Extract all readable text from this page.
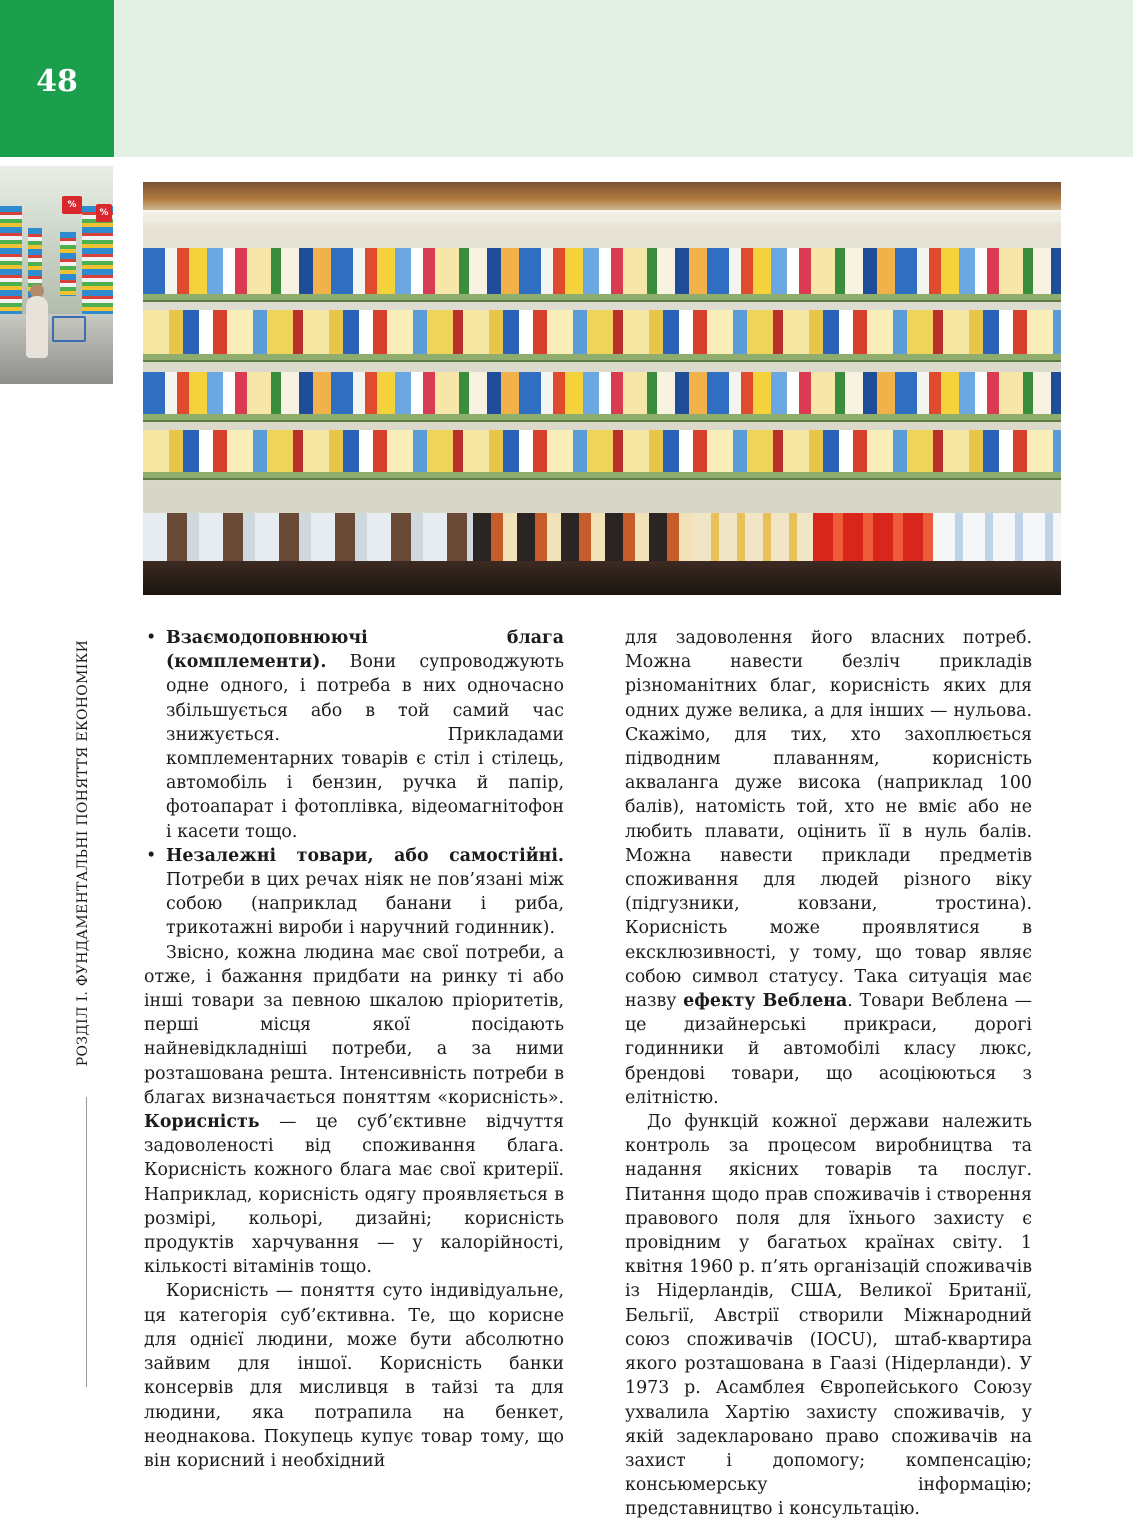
48
%
%
РОЗДІЛ І. ФУНДАМЕНТАЛЬНІ ПОНЯТТЯ ЕКОНОМІКИ

• Взаємодоповнюючі блага (комплементи). Вони супроводжують одне одного, і потреба в них одночасно збільшується або в той самий час знижується. Прикладами комплементарних товарів є стіл і стілець, автомобіль і бензин, ручка й папір, фотоапарат і фотоплівка, відеомагнітофон і касети тощо.

• Незалежні товари, або самостійні. Потреби в цих речах ніяк не пов’язані між собою (наприклад банани і риба, трикотажні вироби і наручний годинник).

Звісно, кожна людина має свої потреби, а отже, і бажання придбати на ринку ті або інші товари за певною шкалою пріоритетів, перші місця якої посідають найневідкладніші потреби, а за ними розташована решта. Інтенсивність потреби в благах визначається поняттям «корисність». Корисність — це суб’єктивне відчуття задоволеності від споживання блага. Корисність кожного блага має свої критерії. Наприклад, корисність одягу проявляється в розмірі, кольорі, дизайні; корисність продуктів харчування — у калорійності, кількості вітамінів тощо.

Корисність — поняття суто індивідуальне, ця категорія суб’єктивна. Те, що корисне для однієї людини, може бути абсолютно зайвим для іншої. Корисність банки консервів для мисливця в тайзі та для людини, яка потрапила на бенкет, неоднакова. Покупець купує товар тому, що він корисний і необхідний

для задоволення його власних потреб. Можна навести безліч прикладів різноманітних благ, корисність яких для одних дуже велика, а для інших — нульова. Скажімо, для тих, хто захоплюється підводним плаванням, корисність акваланга дуже висока (наприклад 100 балів), натомість той, хто не вміє або не любить плавати, оцінить її в нуль балів. Можна навести приклади предметів споживання для людей різного віку (підгузники, ковзани, тростина). Корисність може проявлятися в ексклюзивності, у тому, що товар являє собою символ статусу. Така ситуація має назву ефекту Веблена. Товари Веблена — це дизайнерські прикраси, дорогі годинники й автомобілі класу люкс, брендові товари, що асоціюються з елітністю.

До функцій кожної держави належить контроль за процесом виробництва та надання якісних товарів та послуг. Питання щодо прав споживачів і створення правового поля для їхнього захисту є провідним у багатьох країнах світу. 1 квітня 1960 р. п’ять організацій споживачів із Нідерландів, США, Великої Британії, Бельгії, Австрії створили Міжнародний союз споживачів (IOCU), штаб-квартира якого розташована в Гаазі (Нідерланди). У 1973 р. Асамблея Європейського Союзу ухвалила Хартію захисту споживачів, у якій задекларовано право споживачів на захист і допомогу; компенсацію; консьюмерську інформацію; представництво і консультацію.
